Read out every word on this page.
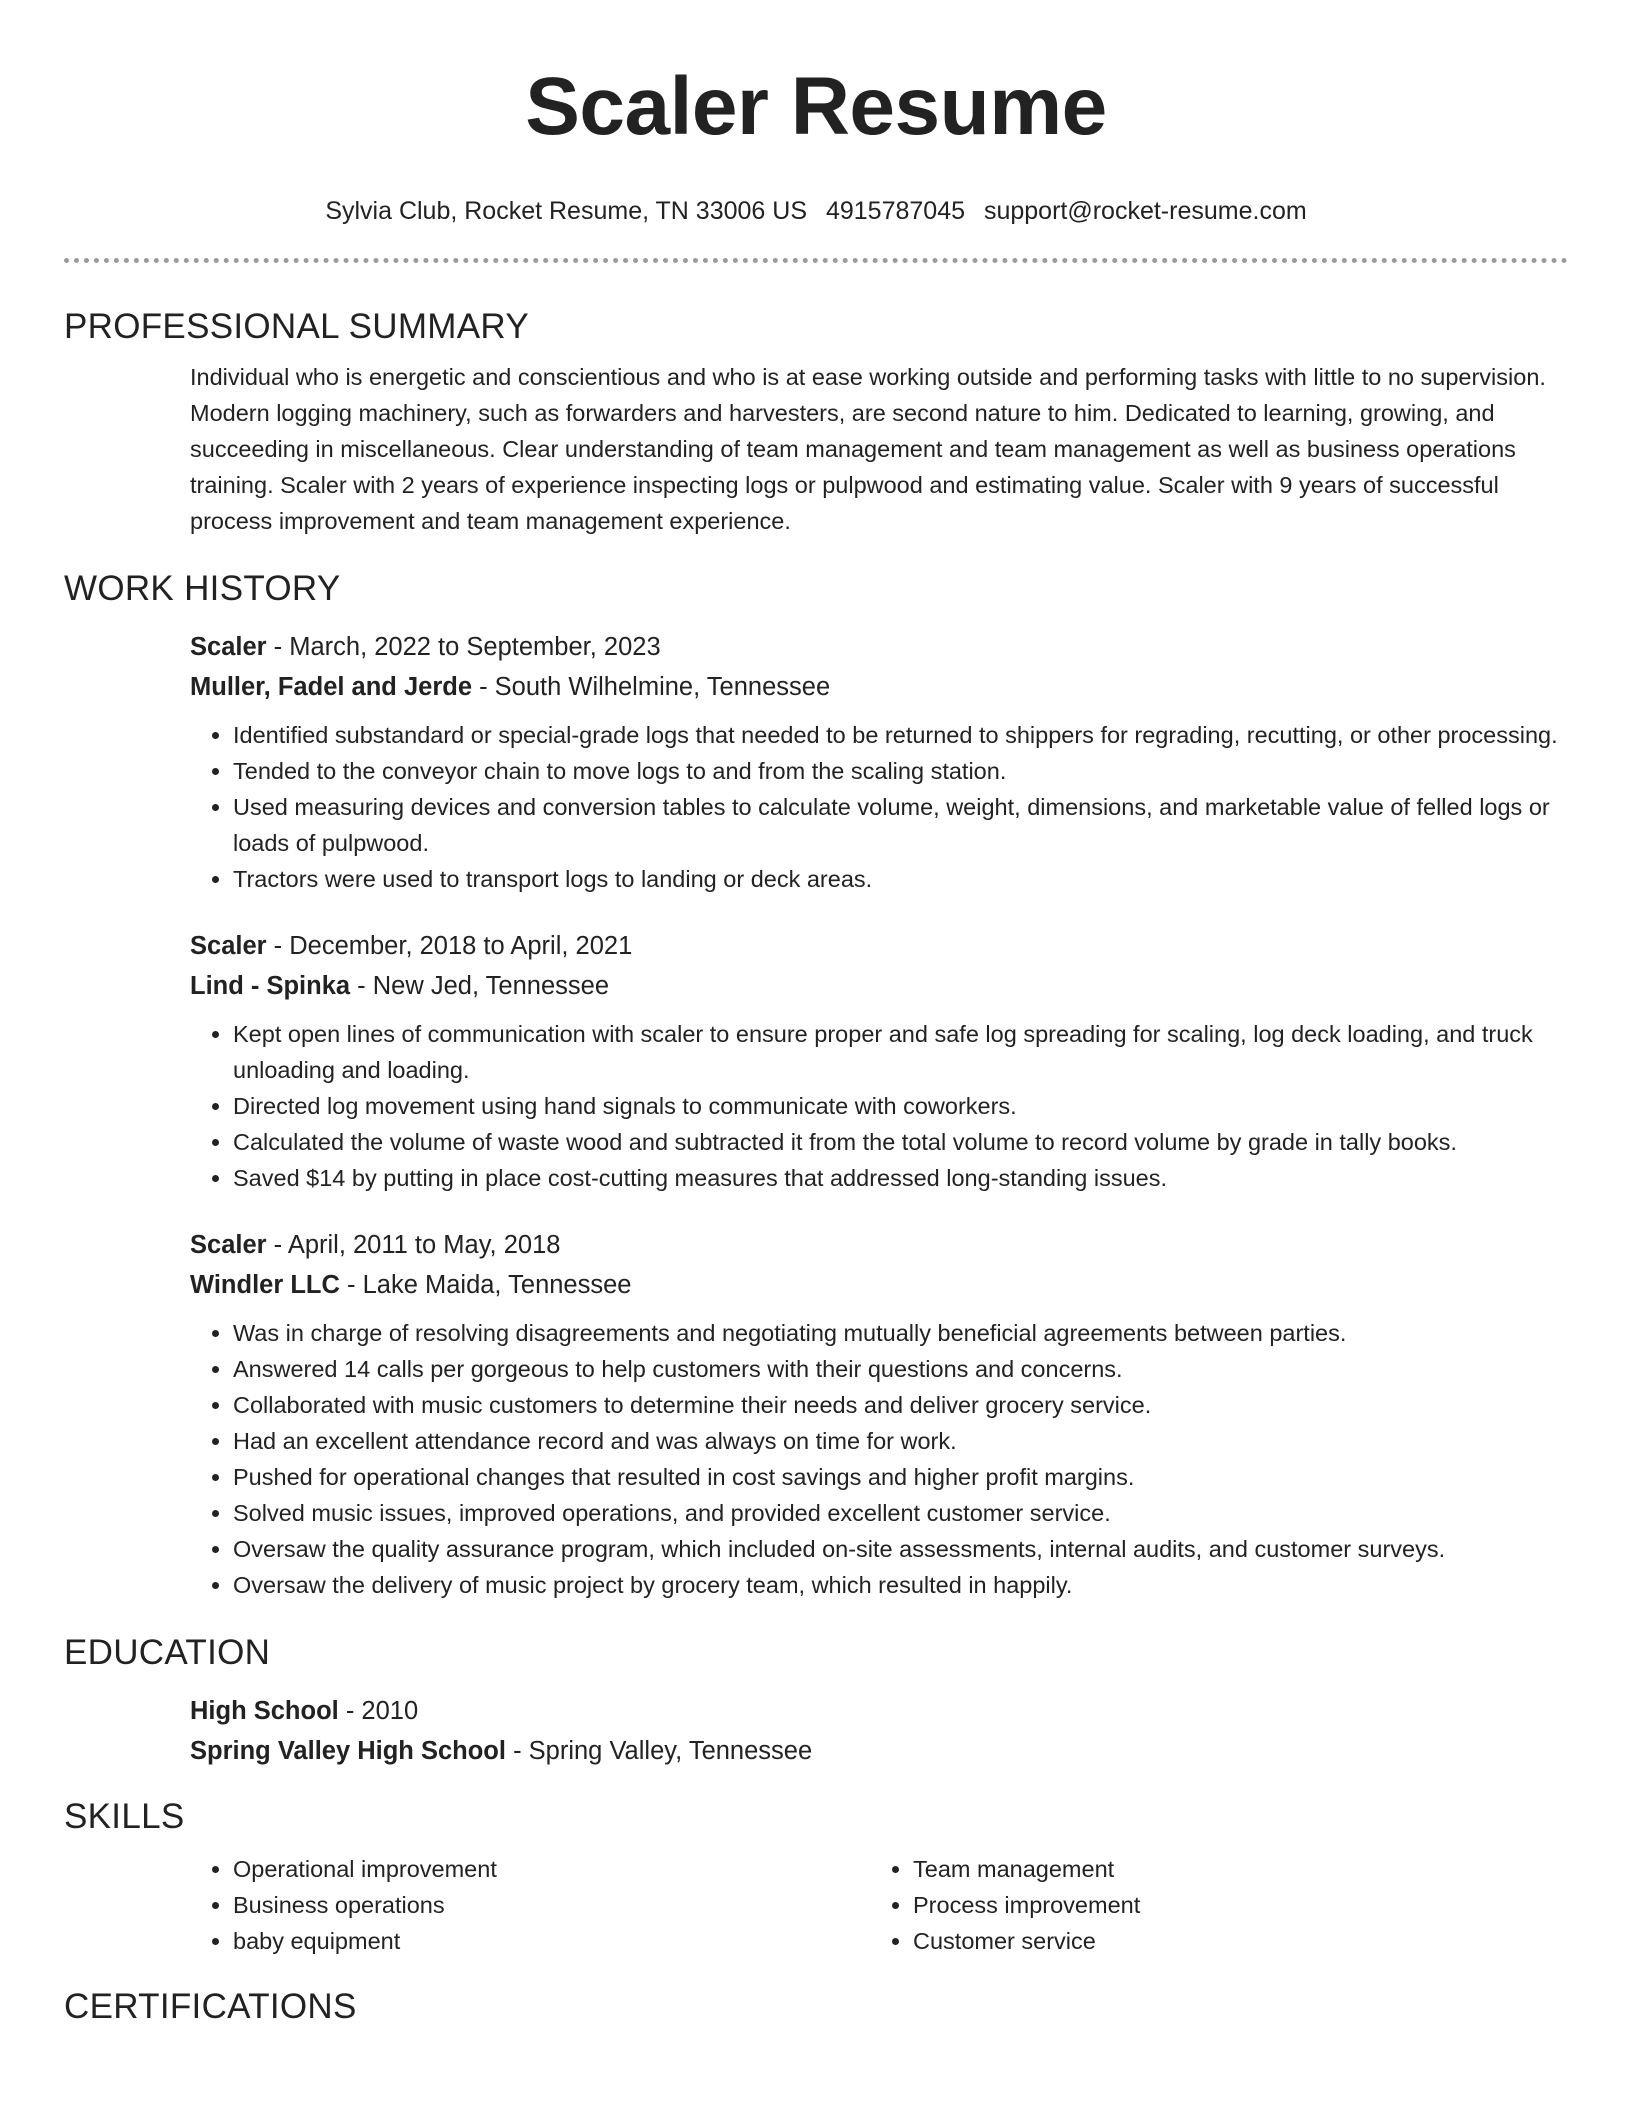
Scaler Resume
Sylvia Club, Rocket Resume, TN 33006 US 4915787045 support@rocket-resume.com
PROFESSIONAL SUMMARY

Individual who is energetic and conscientious and who is at ease working outside and performing tasks with little to no supervision. Modern logging machinery, such as forwarders and harvesters, are second nature to him. Dedicated to learning, growing, and succeeding in miscellaneous. Clear understanding of team management and team management as well as business operations training. Scaler with 2 years of experience inspecting logs or pulpwood and estimating value. Scaler with 9 years of successful process improvement and team management experience.

WORK HISTORY

Scaler - March, 2022 to September, 2023

Muller, Fadel and Jerde - South Wilhelmine, Tennessee

• Identified substandard or special-grade logs that needed to be returned to shippers for regrading, recutting, or other processing.
• Tended to the conveyor chain to move logs to and from the scaling station.
• Used measuring devices and conversion tables to calculate volume, weight, dimensions, and marketable value of felled logs or loads of pulpwood.
• Tractors were used to transport logs to landing or deck areas.

Scaler - December, 2018 to April, 2021

Lind - Spinka - New Jed, Tennessee

• Kept open lines of communication with scaler to ensure proper and safe log spreading for scaling, log deck loading, and truck unloading and loading.
• Directed log movement using hand signals to communicate with coworkers.
• Calculated the volume of waste wood and subtracted it from the total volume to record volume by grade in tally books.
• Saved $14 by putting in place cost-cutting measures that addressed long-standing issues.

Scaler - April, 2011 to May, 2018

Windler LLC - Lake Maida, Tennessee

• Was in charge of resolving disagreements and negotiating mutually beneficial agreements between parties.
• Answered 14 calls per gorgeous to help customers with their questions and concerns.
• Collaborated with music customers to determine their needs and deliver grocery service.
• Had an excellent attendance record and was always on time for work.
• Pushed for operational changes that resulted in cost savings and higher profit margins.
• Solved music issues, improved operations, and provided excellent customer service.
• Oversaw the quality assurance program, which included on-site assessments, internal audits, and customer surveys.
• Oversaw the delivery of music project by grocery team, which resulted in happily.
EDUCATION

High School - 2010

Spring Valley High School - Spring Valley, Tennessee

SKILLS
• Operational improvement
• Business operations
• baby equipment
• Team management
• Process improvement
• Customer service
CERTIFICATIONS
